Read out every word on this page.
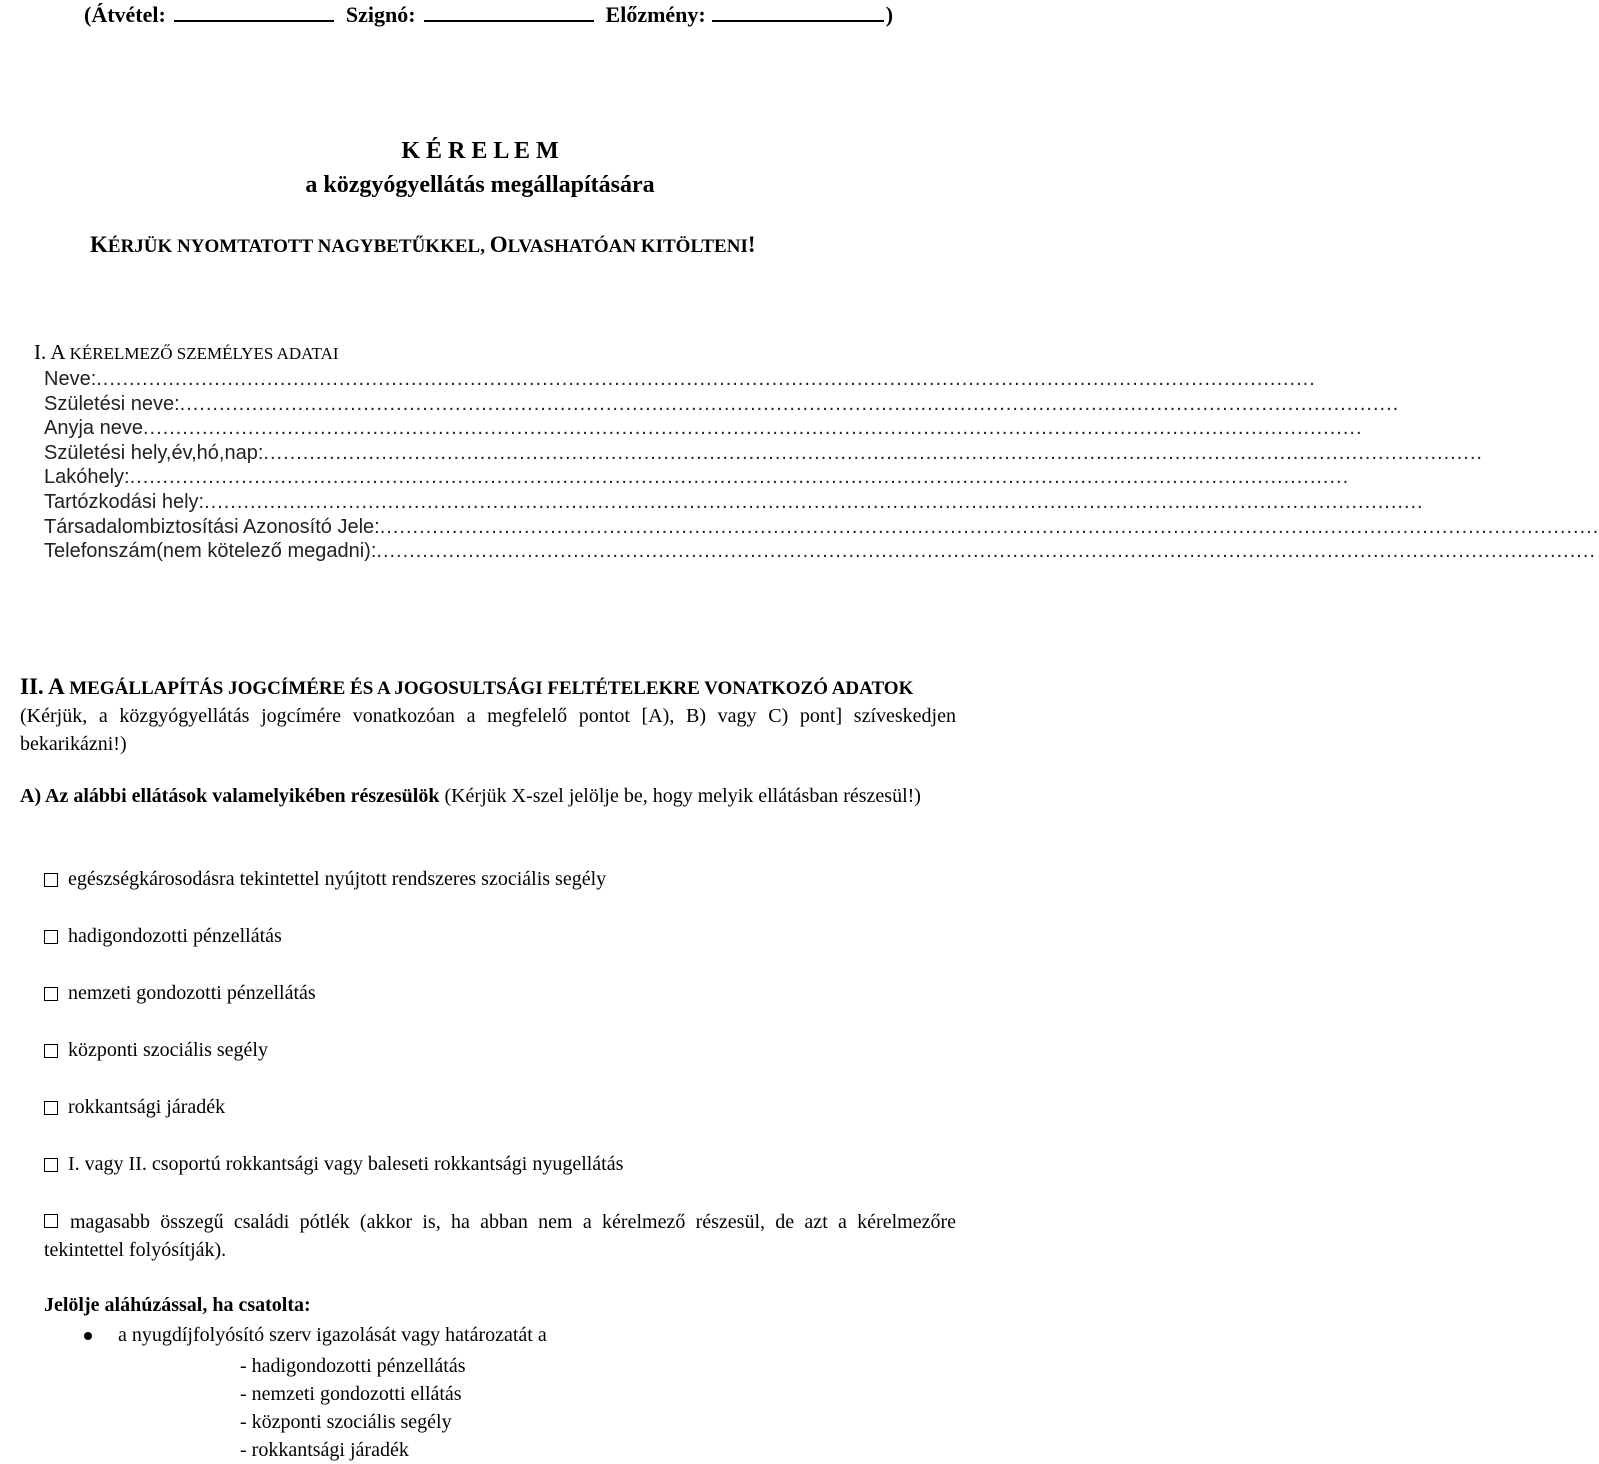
( Átvétel:	Szignó:	Előzmény:	)
K É R E L E M
a közgyógyellátás megállapítására
KÉRJÜK NYOMTATOTT NAGYBETŰKKEL, OLVASHATÓAN KITÖLTENI!
I. A KÉRELMEZŐ SZEMÉLYES ADATAI
Neve: ..........................................................................................................................................................................................
Születési neve: ..........................................................................................................................................................................................
Anyja neve ..........................................................................................................................................................................................
Születési hely,év,hó,nap: ..........................................................................................................................................................................................
Lakóhely: ..........................................................................................................................................................................................
Tartózkodási hely: ..........................................................................................................................................................................................
Társadalombiztosítási Azonosító Jele: ..........................................................................................................................................................................................
Telefonszám(nem kötelező megadni): ..........................................................................................................................................................................................
II. A MEGÁLLAPÍTÁS JOGCÍMÉRE ÉS A JOGOSULTSÁGI FELTÉTELEKRE VONATKOZÓ ADATOK
(Kérjük, a közgyógyellátás jogcímére vonatkozóan a megfelelő pontot [A), B) vagy C) pont] szíveskedjen bekarikázni!)
A) Az alábbi ellátások valamelyikében részesülök (Kérjük X-szel jelölje be, hogy melyik ellátásban részesül!)
egészségkárosodásra tekintettel nyújtott rendszeres szociális segély
hadigondozotti pénzellátás
nemzeti gondozotti pénzellátás
központi szociális segély
rokkantsági járadék
I. vagy II. csoportú rokkantsági vagy baleseti rokkantsági nyugellátás
magasabb összegű családi pótlék (akkor is, ha abban nem a kérelmező részesül, de azt a kérelmezőre tekintettel folyósítják).
Jelölje aláhúzással, ha csatolta:
a nyugdíjfolyósító szerv igazolását vagy határozatát a
- hadigondozotti pénzellátás
- nemzeti gondozotti ellátás
- központi szociális segély
- rokkantsági járadék
